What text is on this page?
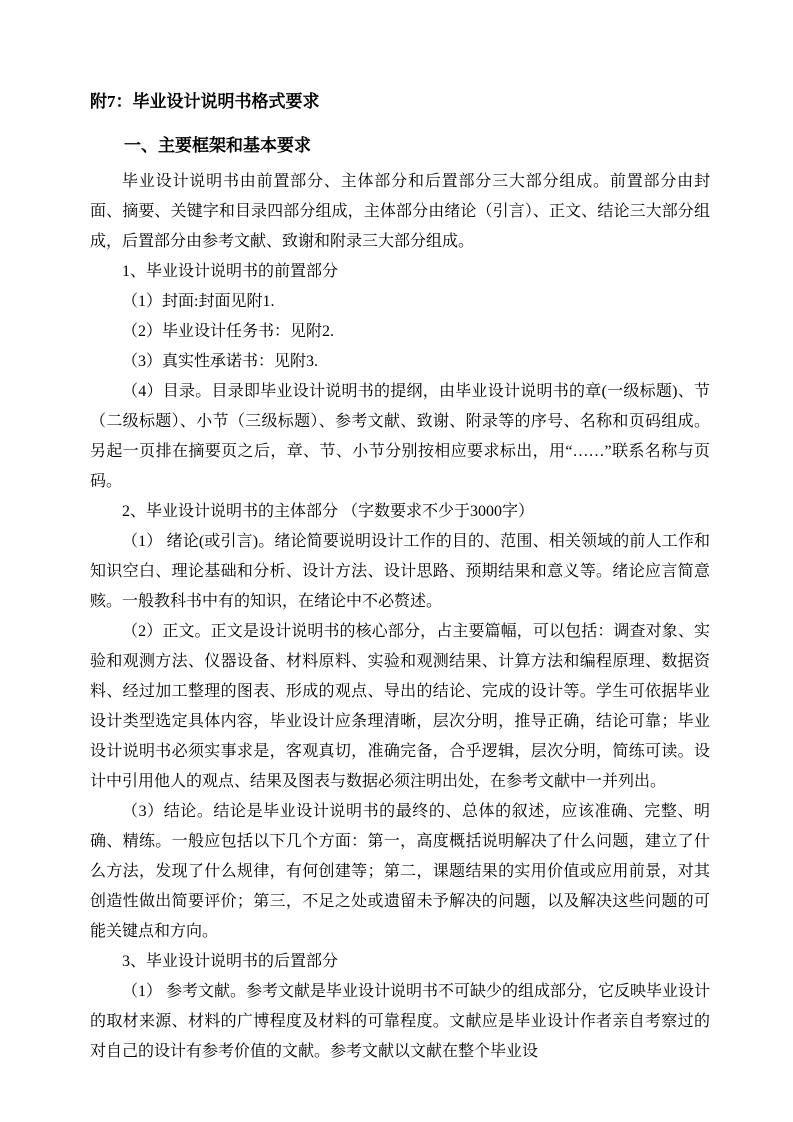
附7：毕业设计说明书格式要求
一、主要框架和基本要求

毕业设计说明书由前置部分、主体部分和后置部分三大部分组成。前置部分由封面、摘要、关键字和目录四部分组成，主体部分由绪论（引言）、正文、结论三大部分组成，后置部分由参考文献、致谢和附录三大部分组成。

1、毕业设计说明书的前置部分

（1）封面:封面见附1.

（2）毕业设计任务书：见附2.

（3）真实性承诺书：见附3.

（4）目录。目录即毕业设计说明书的提纲，由毕业设计说明书的章(一级标题)、节（二级标题）、小节（三级标题）、参考文献、致谢、附录等的序号、名称和页码组成。另起一页排在摘要页之后，章、节、小节分别按相应要求标出，用“……”联系名称与页码。

2、毕业设计说明书的主体部分 （字数要求不少于3000字）

（1） 绪论(或引言)。绪论简要说明设计工作的目的、范围、相关领域的前人工作和知识空白、理论基础和分析、设计方法、设计思路、预期结果和意义等。绪论应言简意赅。一般教科书中有的知识，在绪论中不必赘述。

（2）正文。正文是设计说明书的核心部分，占主要篇幅，可以包括：调查对象、实验和观测方法、仪器设备、材料原料、实验和观测结果、计算方法和编程原理、数据资料、经过加工整理的图表、形成的观点、导出的结论、完成的设计等。学生可依据毕业设计类型选定具体内容，毕业设计应条理清晰，层次分明，推导正确，结论可靠；毕业设计说明书必须实事求是，客观真切，准确完备，合乎逻辑，层次分明，简练可读。设计中引用他人的观点、结果及图表与数据必须注明出处，在参考文献中一并列出。

（3）结论。结论是毕业设计说明书的最终的、总体的叙述，应该准确、完整、明确、精练。一般应包括以下几个方面：第一，高度概括说明解决了什么问题，建立了什么方法，发现了什么规律，有何创建等；第二，课题结果的实用价值或应用前景，对其创造性做出简要评价；第三，不足之处或遗留未予解决的问题，以及解决这些问题的可能关键点和方向。

3、毕业设计说明书的后置部分

（1） 参考文献。参考文献是毕业设计说明书不可缺少的组成部分，它反映毕业设计的取材来源、材料的广博程度及材料的可靠程度。文献应是毕业设计作者亲自考察过的对自己的设计有参考价值的文献。参考文献以文献在整个毕业设
